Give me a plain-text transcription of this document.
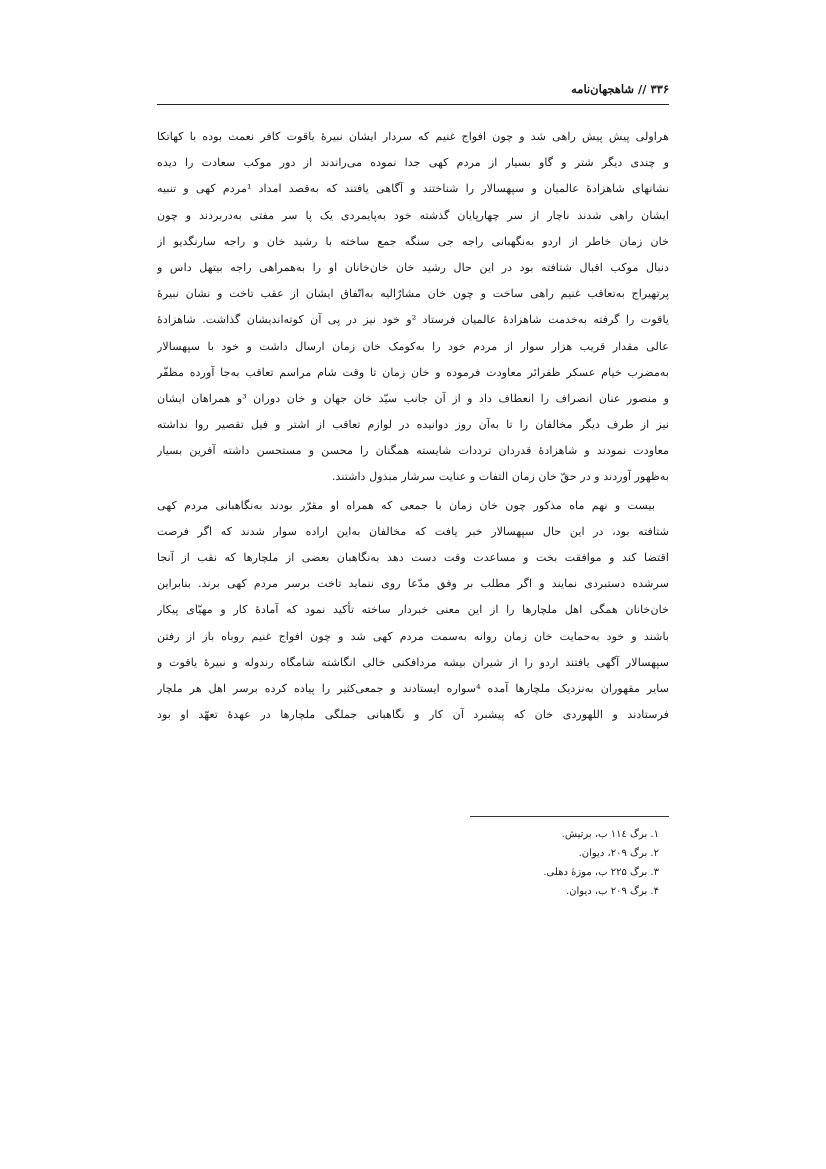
۳۳۶ // شاهجهان‌نامه
هراولی پیش پیش راهی شد و چون افواج غنیم که سردار ایشان نبیرهٔ یاقوت کافر نعمت بوده با کهاتکا
و چندی دیگر شتر و گاو بسیار از مردم کهی جدا نموده می‌راندند از دور موکب سعادت را دیده
نشانهای شاهزادهٔ عالمیان و سپهسالار را شناختند و آگاهی یافتند که به‌قصد امداد ¹مردم کهی و تنبیه
ایشان راهی شدند ناچار از سر چهارپایان گذشته خود به‌پایمردی یک پا سر مفتی به‌دربردند و چون
خان زمان خاطر از اردو به‌نگهبانی راجه جی سنگه جمع ساخته با رشید خان و راجه سارنگدیو از
دنبال موکب اقبال شتافته بود در این حال رشید خان خان‌خانان او را به‌همراهی راجه بیتهل داس و
پرتهیراج به‌تعاقب غنیم راهی ساخت و چون خان مشارٌالیه به‌اتّفاق ایشان از عقب تاخت و نشان نبیرهٔ
یاقوت را گرفته به‌خدمت شاهزادهٔ عالمیان فرستاد ²و خود نیز در پی آن کوته‌اندیشان گذاشت. شاهزادهٔ
عالی مقدار قریب هزار سوار از مردم خود را به‌کومک خان زمان ارسال داشت و خود با سپهسالار
به‌مضرب خیام عسکر ظفرائر معاودت فرموده و خان زمان تا وقت شام مراسم تعاقب به‌جا آورده مظفّر
و منصور عنان انصراف را انعطاف داد و از آن جانب سیّد خان جهان و خان دوران ³و همراهان ایشان
نیز از طرف دیگر مخالفان را تا به‌آن روز دوانیده در لوازم تعاقب از اشتر و فیل تقصیر روا نداشته
معاودت نمودند و شاهزادهٔ قدردان ترددات شایسته همگنان را محسن و مستحسن داشته آفرین بسیار
به‌ظهور آوردند و در حقّ خان زمان التفات و عنایت سرشار مبذول داشتند.
بیست و نهم ماه مذکور چون خان زمان با جمعی که همراه او مقرّر بودند به‌نگاهبانی مردم کهی
شتافته بود، در این حال سپهسالار خبر یافت که مخالفان به‌این اراده سوار شدند که اگر فرصت
اقتضا کند و موافقت بخت و مساعدت وقت دست دهد به‌نگاهبان بعضی از ملچارها که نقب از آنجا
سرشده دستبردی نمایند و اگر مطلب بر وفق مدّعا روی ننماید تاخت برسر مردم کهی برند. بنابراین
خان‌خانان همگی اهل ملچارها را از این معنی خبردار ساخته تأکید نمود که آمادهٔ کار و مهیّای پیکار
باشند و خود به‌حمایت خان زمان روانه به‌سمت مردم کهی شد و چون افواج غنیم روباه باز از رفتن
سپهسالار آگهی یافتند اردو را از شیران بیشه مردافکنی خالی انگاشته شامگاه رندوله و نبیرهٔ یاقوت و
سایر مقهوران به‌نزدیک ملچارها آمده ⁴سواره ایستادند و جمعی‌کثیر را پیاده کرده برسر اهل هر ملچار
فرستادند و اللهوردی خان که پیشبرد آن کار و نگاهبانی جملگی ملچارها در عهدهٔ تعهّد او بود
۱. برگ ۱۱٤ ب، برتیش.
۲. برگ ۲۰۹، دیوان.
۳. برگ ۲۲۵ ب، موزهٔ دهلی.
۴. برگ ۲۰۹ ب، دیوان.
